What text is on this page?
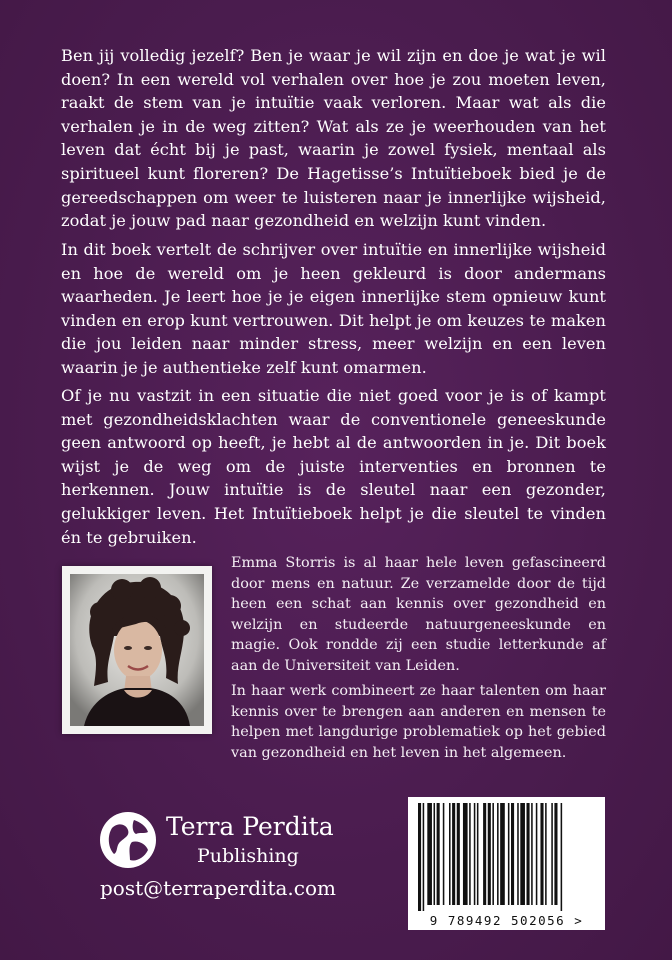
Ben jij volledig jezelf? Ben je waar je wil zijn en doe je wat je wil doen? In een wereld vol verhalen over hoe je zou moeten leven, raakt de stem van je intuïtie vaak verloren. Maar wat als die verhalen je in de weg zitten? Wat als ze je weerhouden van het leven dat écht bij je past, waarin je zowel fysiek, mentaal als spiritueel kunt floreren? De Hagetisse’s Intuïtieboek bied je de gereedschappen om weer te luisteren naar je innerlijke wijsheid, zodat je jouw pad naar gezondheid en welzijn kunt vinden.

In dit boek vertelt de schrijver over intuïtie en innerlijke wijsheid en hoe de wereld om je heen gekleurd is door andermans waarheden. Je leert hoe je je eigen innerlijke stem opnieuw kunt vinden en erop kunt vertrouwen. Dit helpt je om keuzes te maken die jou leiden naar minder stress, meer welzijn en een leven waarin je je authentieke zelf kunt omarmen.

Of je nu vastzit in een situatie die niet goed voor je is of kampt met gezondheidsklachten waar de conventionele geneeskunde geen antwoord op heeft, je hebt al de antwoorden in je. Dit boek wijst je de weg om de juiste interventies en bronnen te herkennen. Jouw intuïtie is de sleutel naar een gezonder, gelukkiger leven. Het Intuïtieboek helpt je die sleutel te vinden én te gebruiken.

Emma Storris is al haar hele leven gefascineerd door mens en natuur. Ze verzamelde door de tijd heen een schat aan kennis over gezondheid en welzijn en studeerde natuurgeneeskunde en magie. Ook rondde zij een studie letterkunde af aan de Universiteit van Leiden.

In haar werk combineert ze haar talenten om haar kennis over te brengen aan anderen en mensen te helpen met langdurige problematiek op het gebied van gezondheid en het leven in het algemeen.

Terra Perdita
Publishing
post@terraperdita.com
9 789492 502056 >
